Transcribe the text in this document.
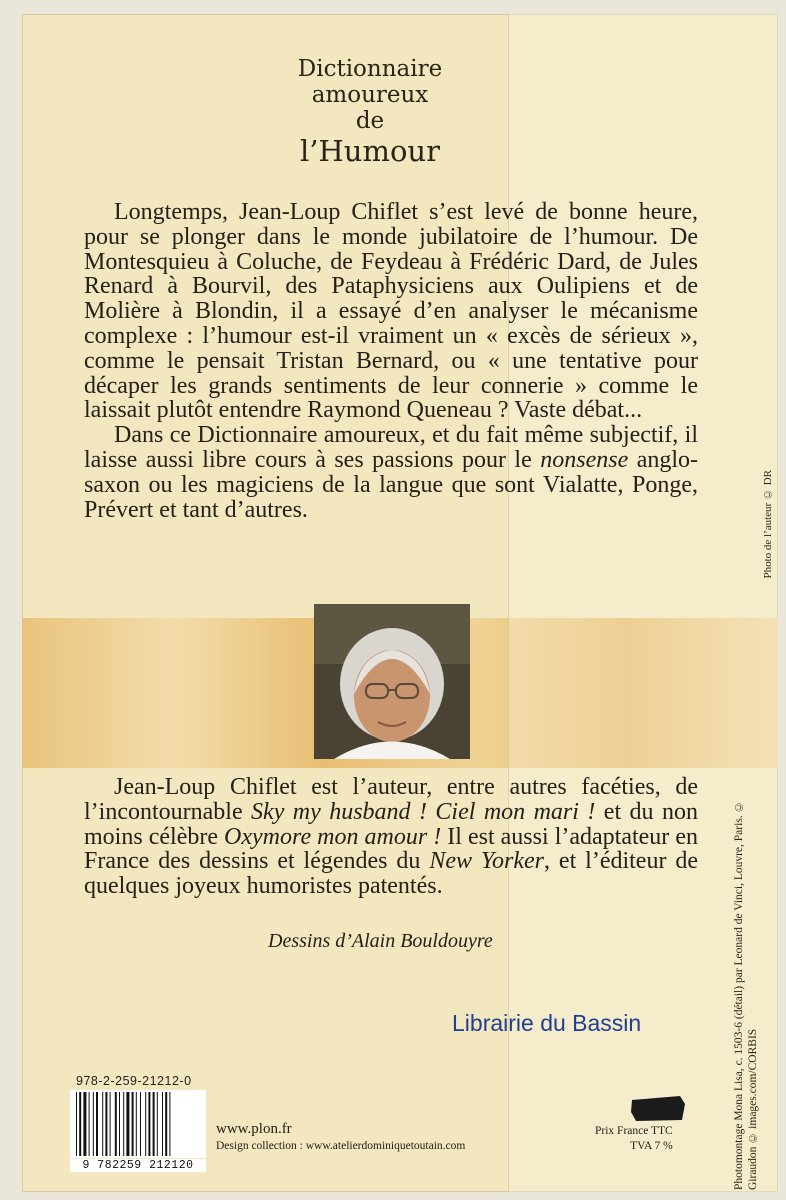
Dictionnaire
amoureux
de
l’Humour

Longtemps, Jean-Loup Chiflet s’est levé de bonne heure, pour se plonger dans le monde jubilatoire de l’humour. De Montesquieu à Coluche, de Feydeau à Frédéric Dard, de Jules Renard à Bourvil, des Pataphysiciens aux Oulipiens et de Molière à Blondin, il a essayé d’en analyser le mécanisme complexe : l’humour est-il vraiment un « excès de sérieux », comme le pensait Tristan Bernard, ou « une tentative pour décaper les grands sentiments de leur connerie » comme le laissait plutôt entendre Raymond Queneau ? Vaste débat...

Dans ce Dictionnaire amoureux, et du fait même subjectif, il laisse aussi libre cours à ses passions pour le nonsense anglo-saxon ou les magiciens de la langue que sont Vialatte, Ponge, Prévert et tant d’autres.	Photo de l’auteur © DR

Jean-Loup Chiflet est l’auteur, entre autres facéties, de l’incontournable Sky my husband ! Ciel mon mari ! et du non moins célèbre Oxymore mon amour ! Il est aussi l’adaptateur en France des dessins et légendes du New Yorker, et l’éditeur de quelques joyeux humoristes patentés.

Dessins d’Alain Bouldouyre
Librairie du Bassin	Photomontage Mona Lisa, c. 1503-6 (détail) par Leonard de Vinci, Louvre, Paris. © Giraudon © images.com/CORBIS
978-2-259-21212-0
9 782259 212120
www.plon.fr
Design collection : www.atelierdominiquetoutain.com
Prix France TTC
TVA 7 %
